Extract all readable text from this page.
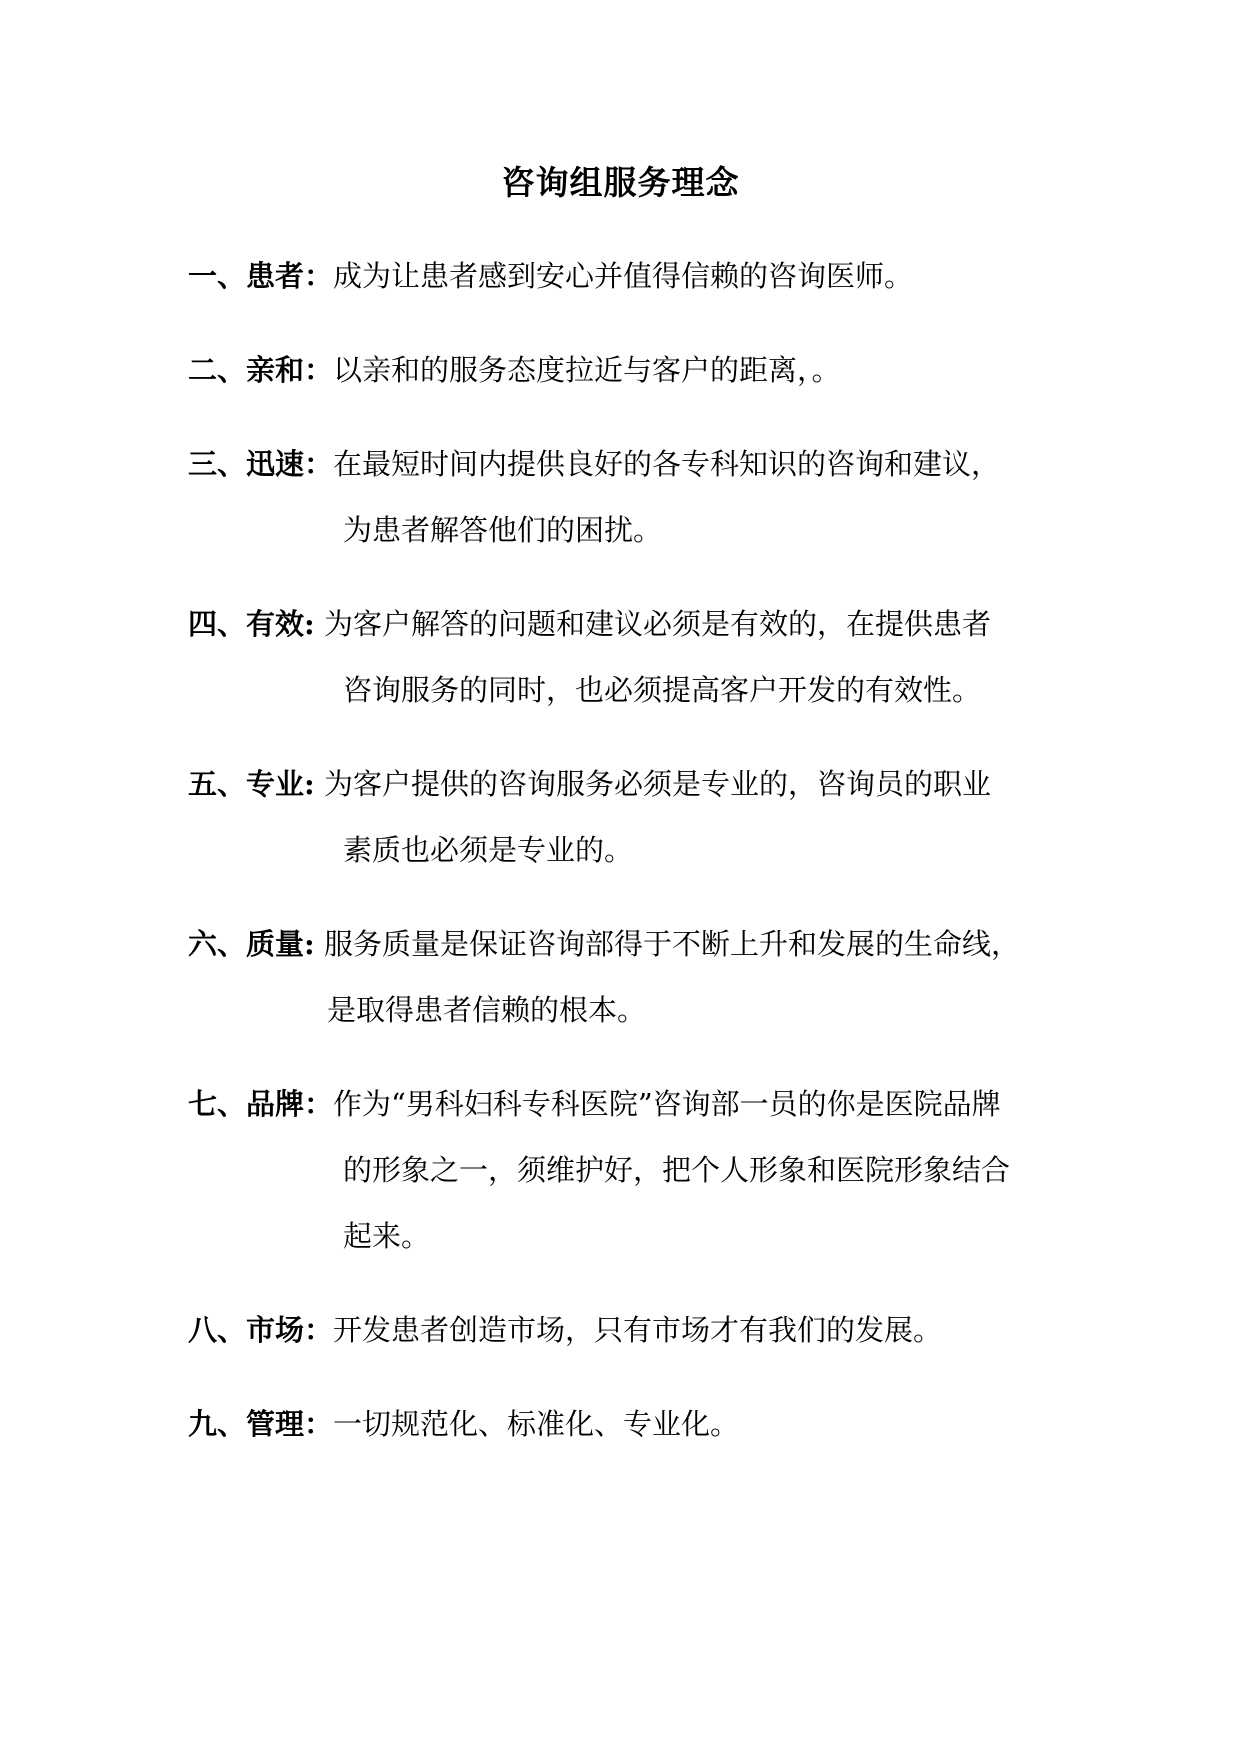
咨询组服务理念
一、患者：成为让患者感到安心并值得信赖的咨询医师。
二、亲和：以亲和的服务态度拉近与客户的距离，。
三、迅速：在最短时间内提供良好的各专科知识的咨询和建议，
为患者解答他们的困扰。
四、有效: 为客户解答的问题和建议必须是有效的，在提供患者
咨询服务的同时，也必须提高客户开发的有效性。
五、专业: 为客户提供的咨询服务必须是专业的，咨询员的职业
素质也必须是专业的。
六、质量: 服务质量是保证咨询部得于不断上升和发展的生命线，
是取得患者信赖的根本。
七、品牌：作为“男科妇科专科医院”咨询部一员的你是医院品牌
的形象之一，须维护好，把个人形象和医院形象结合
起来。
八、市场：开发患者创造市场，只有市场才有我们的发展。
九、管理：一切规范化、标准化、专业化。
